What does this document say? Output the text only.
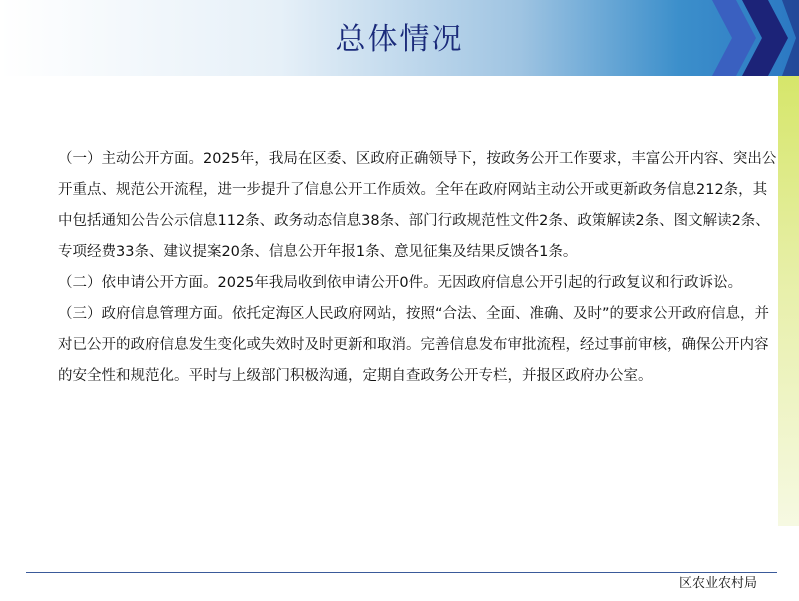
总体情况

（一）主动公开方面。2025年，我局在区委、区政府正确领导下，按政务公开工作要求，丰富公开内容、突出公开重点、规范公开流程，进一步提升了信息公开工作质效。全年在政府网站主动公开或更新政务信息212条，其中包括通知公告公示信息112条、政务动态信息38条、部门行政规范性文件2条、政策解读2条、图文解读2条、专项经费33条、建议提案20条、信息公开年报1条、意见征集及结果反馈各1条。

（二）依申请公开方面。2025年我局收到依申请公开0件。无因政府信息公开引起的行政复议和行政诉讼。

（三）政府信息管理方面。依托定海区人民政府网站，按照“合法、全面、准确、及时”的要求公开政府信息，并对已公开的政府信息发生变化或失效时及时更新和取消。完善信息发布审批流程，经过事前审核，确保公开内容的安全性和规范化。平时与上级部门积极沟通，定期自查政务公开专栏，并报区政府办公室。

区农业农村局
